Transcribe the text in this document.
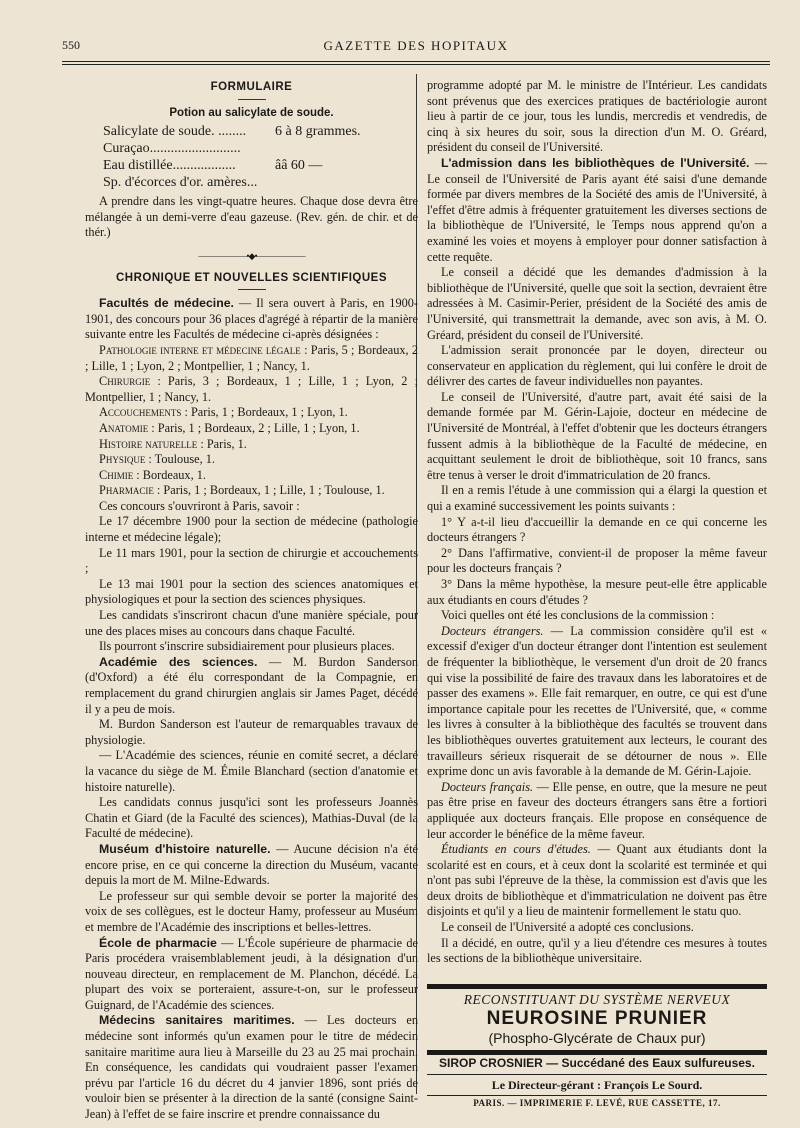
550	GAZETTE DES HOPITAUX

FORMULAIRE

Potion au salicylate de soude.

Salicylate de soude. ........	6 à 8 grammes.
Curaçao..........................
Eau distillée..................	ââ 60 —
Sp. d'écorces d'or. amères...

A prendre dans les vingt-quatre heures. Chaque dose devra être mélangée à un demi-verre d'eau gazeuse. (Rev. gén. de chir. et de thér.)

——————•◆•——————

CHRONIQUE ET NOUVELLES SCIENTIFIQUES

Facultés de médecine. — Il sera ouvert à Paris, en 1900-1901, des concours pour 36 places d'agrégé à répartir de la manière suivante entre les Facultés de médecine ci-après désignées :

Pathologie interne et médecine légale : Paris, 5 ; Bordeaux, 2 ; Lille, 1 ; Lyon, 2 ; Montpellier, 1 ; Nancy, 1.

Chirurgie : Paris, 3 ; Bordeaux, 1 ; Lille, 1 ; Lyon, 2 ; Montpellier, 1 ; Nancy, 1.

Accouchements : Paris, 1 ; Bordeaux, 1 ; Lyon, 1.

Anatomie : Paris, 1 ; Bordeaux, 2 ; Lille, 1 ; Lyon, 1.

Histoire naturelle : Paris, 1.

Physique : Toulouse, 1.

Chimie : Bordeaux, 1.

Pharmacie : Paris, 1 ; Bordeaux, 1 ; Lille, 1 ; Toulouse, 1.

Ces concours s'ouvriront à Paris, savoir :

Le 17 décembre 1900 pour la section de médecine (pathologie interne et médecine légale);

Le 11 mars 1901, pour la section de chirurgie et accouchements ;

Le 13 mai 1901 pour la section des sciences anatomiques et physiologiques et pour la section des sciences physiques.

Les candidats s'inscriront chacun d'une manière spéciale, pour une des places mises au concours dans chaque Faculté.

Ils pourront s'inscrire subsidiairement pour plusieurs places.

Académie des sciences. — M. Burdon Sanderson (d'Oxford) a été élu correspondant de la Compagnie, en remplacement du grand chirurgien anglais sir James Paget, décédé il y a peu de mois.

M. Burdon Sanderson est l'auteur de remarquables travaux de physiologie.

— L'Académie des sciences, réunie en comité secret, a déclaré la vacance du siège de M. Émile Blanchard (section d'anatomie et histoire naturelle).

Les candidats connus jusqu'ici sont les professeurs Joannès Chatin et Giard (de la Faculté des sciences), Mathias-Duval (de la Faculté de médecine).

Muséum d'histoire naturelle. — Aucune décision n'a été encore prise, en ce qui concerne la direction du Muséum, vacante depuis la mort de M. Milne-Edwards.

Le professeur sur qui semble devoir se porter la majorité des voix de ses collègues, est le docteur Hamy, professeur au Muséum et membre de l'Académie des inscriptions et belles-lettres.

École de pharmacie — L'École supérieure de pharmacie de Paris procédera vraisemblablement jeudi, à la désignation d'un nouveau directeur, en remplacement de M. Planchon, décédé. La plupart des voix se porteraient, assure-t-on, sur le professeur Guignard, de l'Académie des sciences.

Médecins sanitaires maritimes. — Les docteurs en médecine sont informés qu'un examen pour le titre de médecin sanitaire maritime aura lieu à Marseille du 23 au 25 mai prochain. En conséquence, les candidats qui voudraient passer l'examen prévu par l'article 16 du décret du 4 janvier 1896, sont priés de vouloir bien se présenter à la direction de la santé (consigne Saint-Jean) à l'effet de se faire inscrire et prendre connaissance du

programme adopté par M. le ministre de l'Intérieur. Les candidats sont prévenus que des exercices pratiques de bactériologie auront lieu à partir de ce jour, tous les lundis, mercredis et vendredis, de cinq à six heures du soir, sous la direction d'un M. O. Gréard, président du conseil de l'Université.

L'admission dans les bibliothèques de l'Université. — Le conseil de l'Université de Paris ayant été saisi d'une demande formée par divers membres de la Société des amis de l'Université, à l'effet d'être admis à fréquenter gratuitement les diverses sections de la bibliothèque de l'Université, le Temps nous apprend qu'on a examiné les voies et moyens à employer pour donner satisfaction à cette requête.

Le conseil a décidé que les demandes d'admission à la bibliothèque de l'Université, quelle que soit la section, devraient être adressées à M. Casimir-Perier, président de la Société des amis de l'Université, qui transmettrait la demande, avec son avis, à M. O. Gréard, président du conseil de l'Université.

L'admission serait prononcée par le doyen, directeur ou conservateur en application du règlement, qui lui confère le droit de délivrer des cartes de faveur individuelles non payantes.

Le conseil de l'Université, d'autre part, avait été saisi de la demande formée par M. Gérin-Lajoie, docteur en médecine de l'Université de Montréal, à l'effet d'obtenir que les docteurs étrangers fussent admis à la bibliothèque de la Faculté de médecine, en acquittant seulement le droit de bibliothèque, soit 10 francs, sans être tenus à verser le droit d'immatriculation de 20 francs.

Il en a remis l'étude à une commission qui a élargi la question et qui a examiné successivement les points suivants :

1° Y a-t-il lieu d'accueillir la demande en ce qui concerne les docteurs étrangers ?

2° Dans l'affirmative, convient-il de proposer la même faveur pour les docteurs français ?

3° Dans la même hypothèse, la mesure peut-elle être applicable aux étudiants en cours d'études ?

Voici quelles ont été les conclusions de la commission :

Docteurs étrangers. — La commission considère qu'il est « excessif d'exiger d'un docteur étranger dont l'intention est seulement de fréquenter la bibliothèque, le versement d'un droit de 20 francs qui vise la possibilité de faire des travaux dans les laboratoires et de passer des examens ». Elle fait remarquer, en outre, ce qui est d'une importance capitale pour les recettes de l'Université, que, « comme les livres à consulter à la bibliothèque des facultés se trouvent dans les bibliothèques ouvertes gratuitement aux lecteurs, le courant des travailleurs sérieux risquerait de se détourner de nous ». Elle exprime donc un avis favorable à la demande de M. Gérin-Lajoie.

Docteurs français. — Elle pense, en outre, que la mesure ne peut pas être prise en faveur des docteurs étrangers sans être a fortiori appliquée aux docteurs français. Elle propose en conséquence de leur accorder le bénéfice de la même faveur.

Étudiants en cours d'études. — Quant aux étudiants dont la scolarité est en cours, et à ceux dont la scolarité est terminée et qui n'ont pas subi l'épreuve de la thèse, la commission est d'avis que les deux droits de bibliothèque et d'immatriculation ne doivent pas être disjoints et qu'il y a lieu de maintenir formellement le statu quo.

Le conseil de l'Université a adopté ces conclusions.

Il a décidé, en outre, qu'il y a lieu d'étendre ces mesures à toutes les sections de la bibliothèque universitaire.

RECONSTITUANT DU SYSTÈME NERVEUX
NEUROSINE PRUNIER
(Phospho-Glycérate de Chaux pur)
SIROP CROSNIER — Succédané des Eaux sulfureuses.
Le Directeur-gérant : François Le Sourd.
PARIS. — IMPRIMERIE F. LEVÉ, RUE CASSETTE, 17.
